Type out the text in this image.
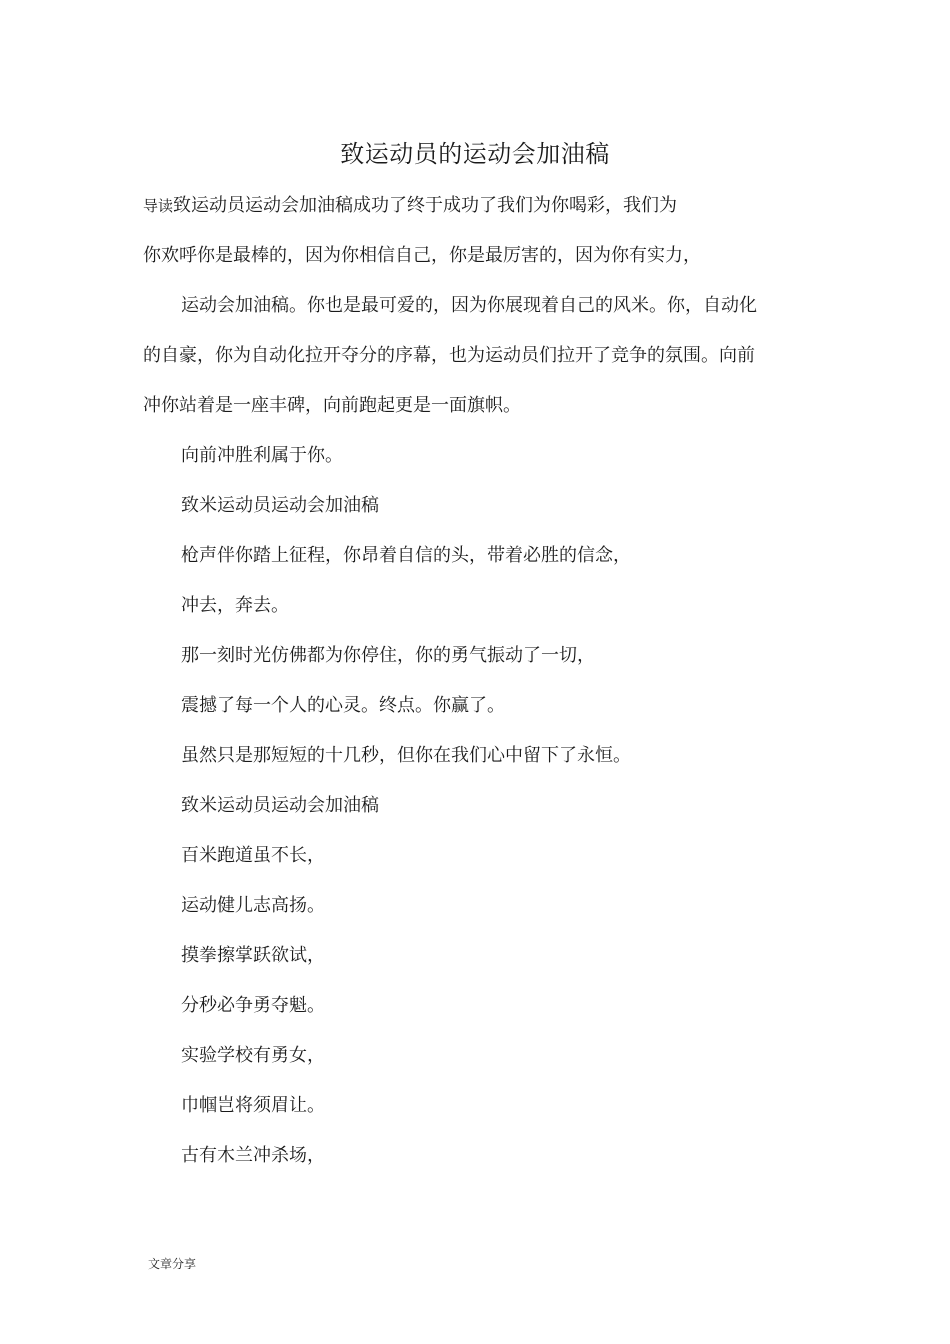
致运动员的运动会加油稿
导读致运动员运动会加油稿成功了终于成功了我们为你喝彩，我们为
你欢呼你是最棒的，因为你相信自己，你是最厉害的，因为你有实力，
运动会加油稿。你也是最可爱的，因为你展现着自己的风米。你，自动化
的自豪，你为自动化拉开夺分的序幕，也为运动员们拉开了竞争的氛围。向前
冲你站着是一座丰碑，向前跑起更是一面旗帜。
向前冲胜利属于你。
致米运动员运动会加油稿
枪声伴你踏上征程，你昂着自信的头，带着必胜的信念，
冲去，奔去。
那一刻时光仿佛都为你停住，你的勇气振动了一切，
震撼了每一个人的心灵。终点。你赢了。
虽然只是那短短的十几秒，但你在我们心中留下了永恒。
致米运动员运动会加油稿
百米跑道虽不长，
运动健儿志高扬。
摸拳擦掌跃欲试，
分秒必争勇夺魁。
实验学校有勇女，
巾帼岂将须眉让。
古有木兰冲杀场，
文章分享
